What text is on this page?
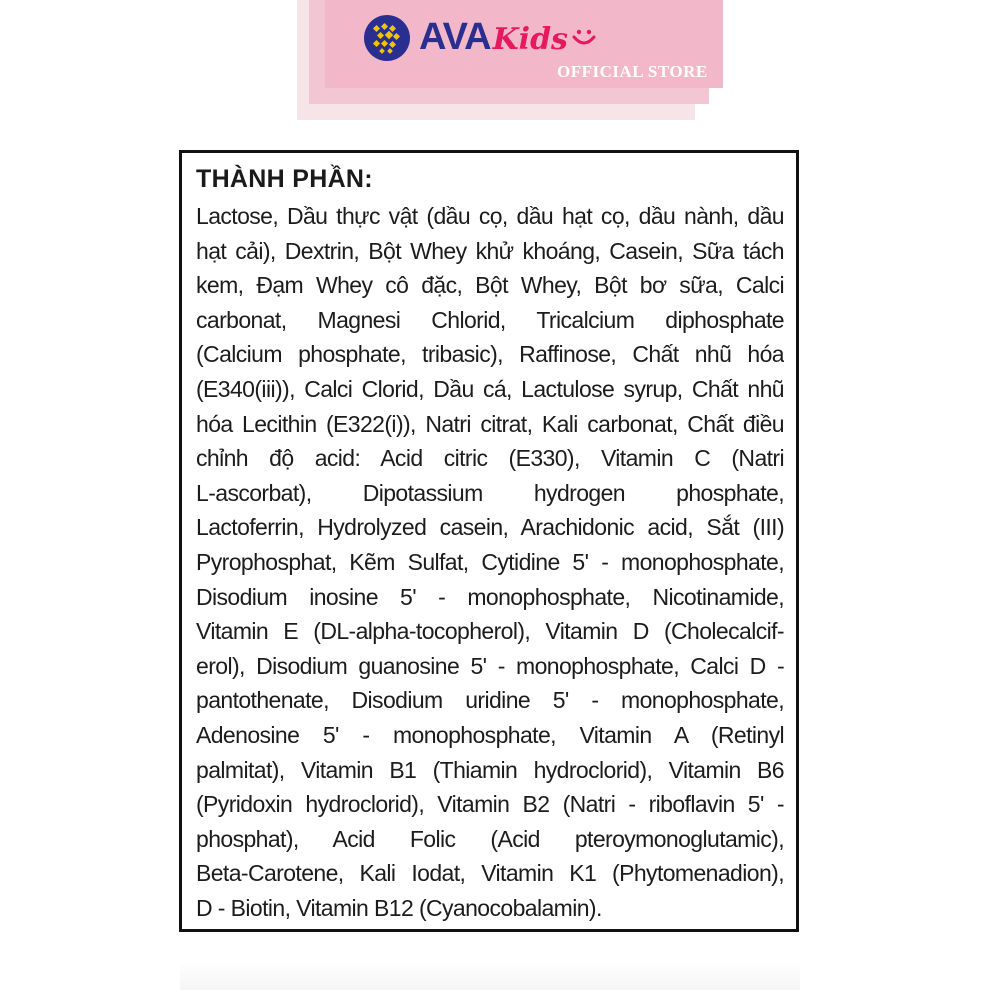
AVA Kids
OFFICIAL STORE
THÀNH PHẦN:
Lactose, Dầu thực vật (dầu cọ, dầu hạt cọ, dầu nành, dầu
hạt cải), Dextrin, Bột Whey khử khoáng, Casein, Sữa tách
kem, Đạm Whey cô đặc, Bột Whey, Bột bơ sữa, Calci
carbonat, Magnesi Chlorid, Tricalcium diphosphate
(Calcium phosphate, tribasic), Raffinose, Chất nhũ hóa
(E340(iii)), Calci Clorid, Dầu cá, Lactulose syrup, Chất nhũ
hóa Lecithin (E322(i)), Natri citrat, Kali carbonat, Chất điều
chỉnh độ acid: Acid citric (E330), Vitamin C (Natri
L-ascorbat), Dipotassium hydrogen phosphate,
Lactoferrin, Hydrolyzed casein, Arachidonic acid, Sắt (III)
Pyrophosphat, Kẽm Sulfat, Cytidine 5' - monophosphate,
Disodium inosine 5' - monophosphate, Nicotinamide,
Vitamin E (DL-alpha-tocopherol), Vitamin D (Cholecalcif-
erol), Disodium guanosine 5' - monophosphate, Calci D -
pantothenate, Disodium uridine 5' - monophosphate,
Adenosine 5' - monophosphate, Vitamin A (Retinyl
palmitat), Vitamin B1 (Thiamin hydroclorid), Vitamin B6
(Pyridoxin hydroclorid), Vitamin B2 (Natri - riboflavin 5' -
phosphat), Acid Folic (Acid pteroymonoglutamic),
Beta-Carotene, Kali Iodat, Vitamin K1 (Phytomenadion),
D - Biotin, Vitamin B12 (Cyanocobalamin).
